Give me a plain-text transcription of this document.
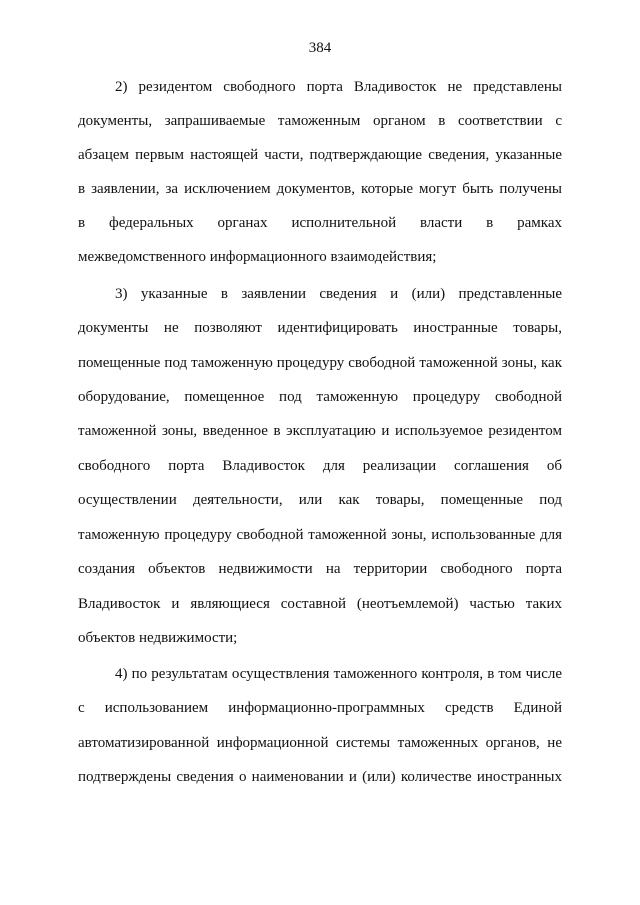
384
2) резидентом свободного порта Владивосток не представлены
документы, запрашиваемые таможенным органом в соответствии с
абзацем первым настоящей части, подтверждающие сведения, указанные
в заявлении, за исключением документов, которые могут быть получены
в федеральных органах исполнительной власти в рамках
межведомственного информационного взаимодействия;
3) указанные в заявлении сведения и (или) представленные
документы не позволяют идентифицировать иностранные товары,
помещенные под таможенную процедуру свободной таможенной зоны, как
оборудование, помещенное под таможенную процедуру свободной
таможенной зоны, введенное в эксплуатацию и используемое резидентом
свободного порта Владивосток для реализации соглашения об
осуществлении деятельности, или как товары, помещенные под
таможенную процедуру свободной таможенной зоны, использованные для
создания объектов недвижимости на территории свободного порта
Владивосток и являющиеся составной (неотъемлемой) частью таких
объектов недвижимости;
4) по результатам осуществления таможенного контроля, в том числе
с использованием информационно-программных средств Единой
автоматизированной информационной системы таможенных органов, не
подтверждены сведения о наименовании и (или) количестве иностранных
